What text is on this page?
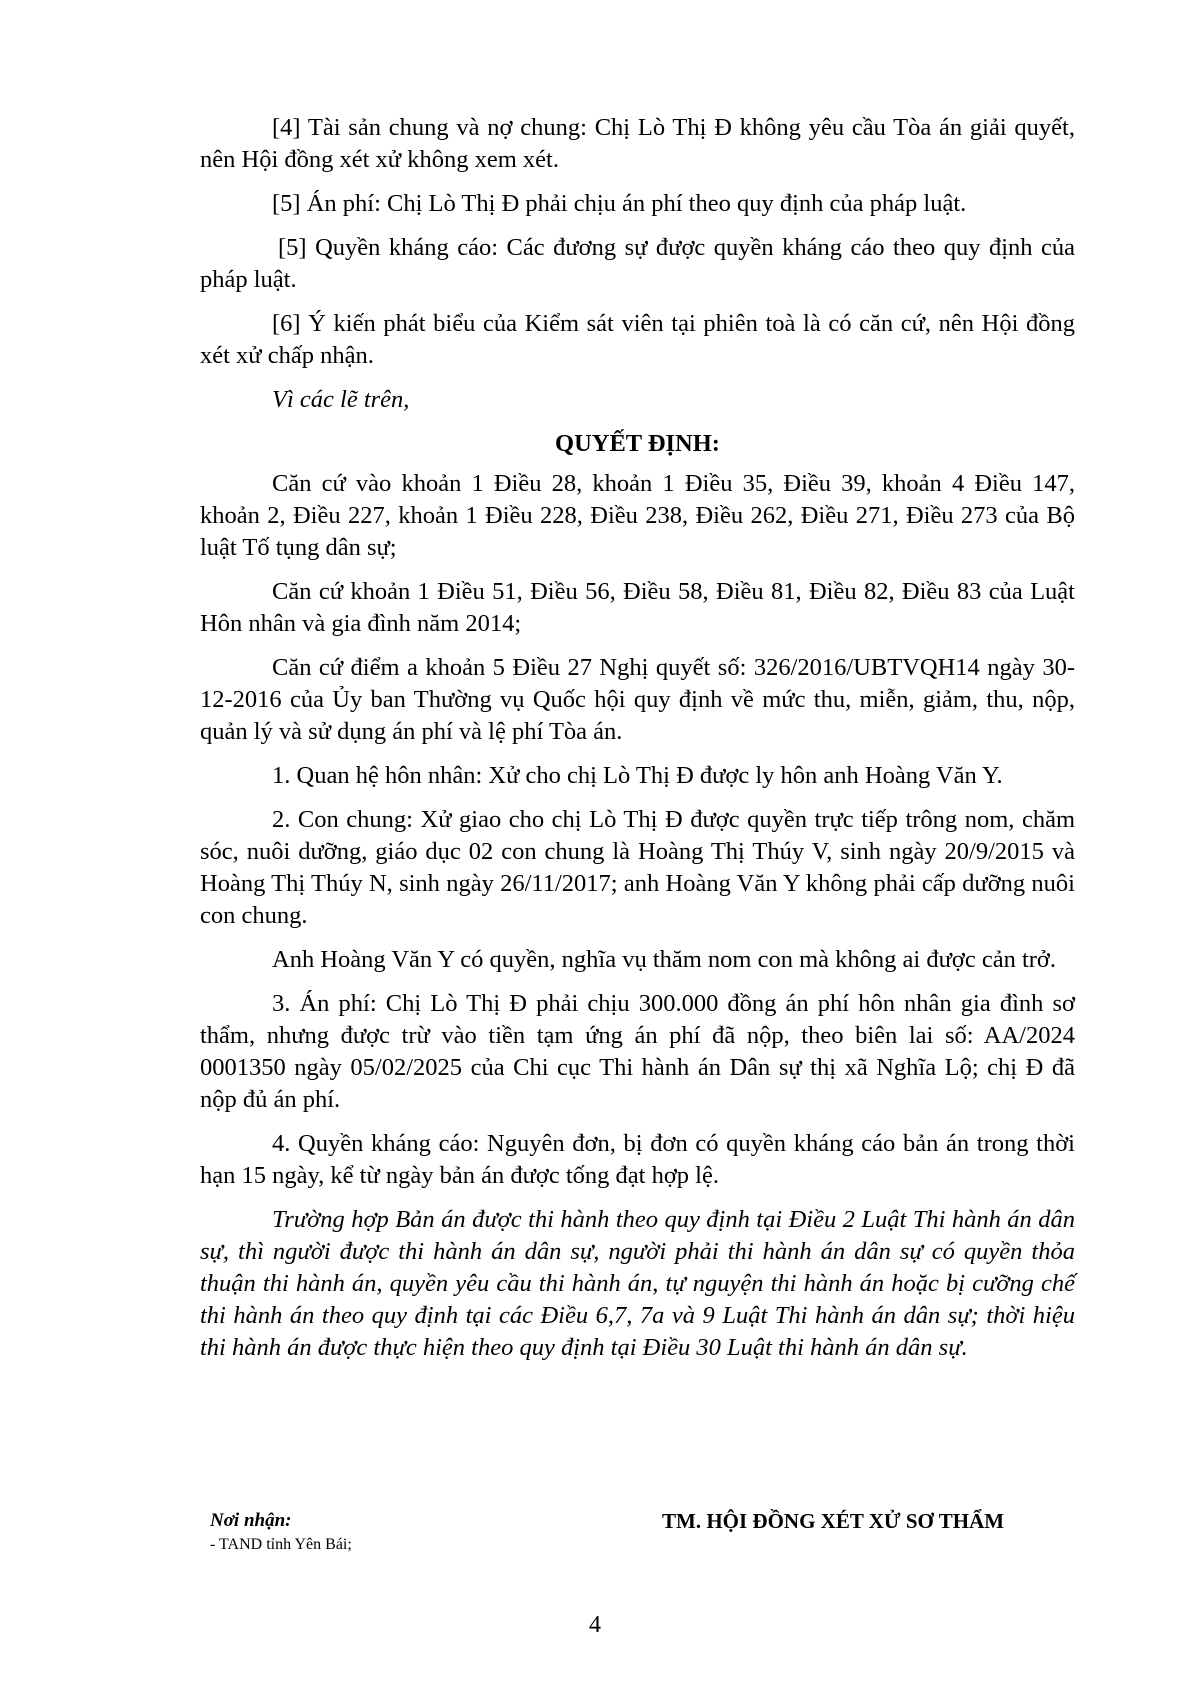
[4] Tài sản chung và nợ chung: Chị Lò Thị Đ không yêu cầu Tòa án giải quyết, nên Hội đồng xét xử không xem xét.

[5] Án phí: Chị Lò Thị Đ phải chịu án phí theo quy định của pháp luật.

[5] Quyền kháng cáo: Các đương sự được quyền kháng cáo theo quy định của pháp luật.

[6] Ý kiến phát biểu của Kiểm sát viên tại phiên toà là có căn cứ, nên Hội đồng xét xử chấp nhận.

Vì các lẽ trên,

QUYẾT ĐỊNH:

Căn cứ vào khoản 1 Điều 28, khoản 1 Điều 35, Điều 39, khoản 4 Điều 147, khoản 2, Điều 227, khoản 1 Điều 228, Điều 238, Điều 262, Điều 271, Điều 273 của Bộ luật Tố tụng dân sự;

Căn cứ khoản 1 Điều 51, Điều 56, Điều 58, Điều 81, Điều 82, Điều 83 của Luật Hôn nhân và gia đình năm 2014;

Căn cứ điểm a khoản 5 Điều 27 Nghị quyết số: 326/2016/UBTVQH14 ngày 30-12-2016 của Ủy ban Thường vụ Quốc hội quy định về mức thu, miễn, giảm, thu, nộp, quản lý và sử dụng án phí và lệ phí Tòa án.

1. Quan hệ hôn nhân: Xử cho chị Lò Thị Đ được ly hôn anh Hoàng Văn Y.

2. Con chung: Xử giao cho chị Lò Thị Đ được quyền trực tiếp trông nom, chăm sóc, nuôi dưỡng, giáo dục 02 con chung là Hoàng Thị Thúy V, sinh ngày 20/9/2015 và Hoàng Thị Thúy N, sinh ngày 26/11/2017; anh Hoàng Văn Y không phải cấp dưỡng nuôi con chung.

Anh Hoàng Văn Y có quyền, nghĩa vụ thăm nom con mà không ai được cản trở.

3. Án phí: Chị Lò Thị Đ phải chịu 300.000 đồng án phí hôn nhân gia đình sơ thẩm, nhưng được trừ vào tiền tạm ứng án phí đã nộp, theo biên lai số: AA/2024 0001350 ngày 05/02/2025 của Chi cục Thi hành án Dân sự thị xã Nghĩa Lộ; chị Đ đã nộp đủ án phí.

4. Quyền kháng cáo: Nguyên đơn, bị đơn có quyền kháng cáo bản án trong thời hạn 15 ngày, kể từ ngày bản án được tống đạt hợp lệ.

Trường hợp Bản án được thi hành theo quy định tại Điều 2 Luật Thi hành án dân sự, thì người được thi hành án dân sự, người phải thi hành án dân sự có quyền thỏa thuận thi hành án, quyền yêu cầu thi hành án, tự nguyện thi hành án hoặc bị cưỡng chế thi hành án theo quy định tại các Điều 6,7, 7a và 9 Luật Thi hành án dân sự; thời hiệu thi hành án được thực hiện theo quy định tại Điều 30 Luật thi hành án dân sự.

Nơi nhận:
- TAND tỉnh Yên Bái;
TM. HỘI ĐỒNG XÉT XỬ SƠ THẨM
4
